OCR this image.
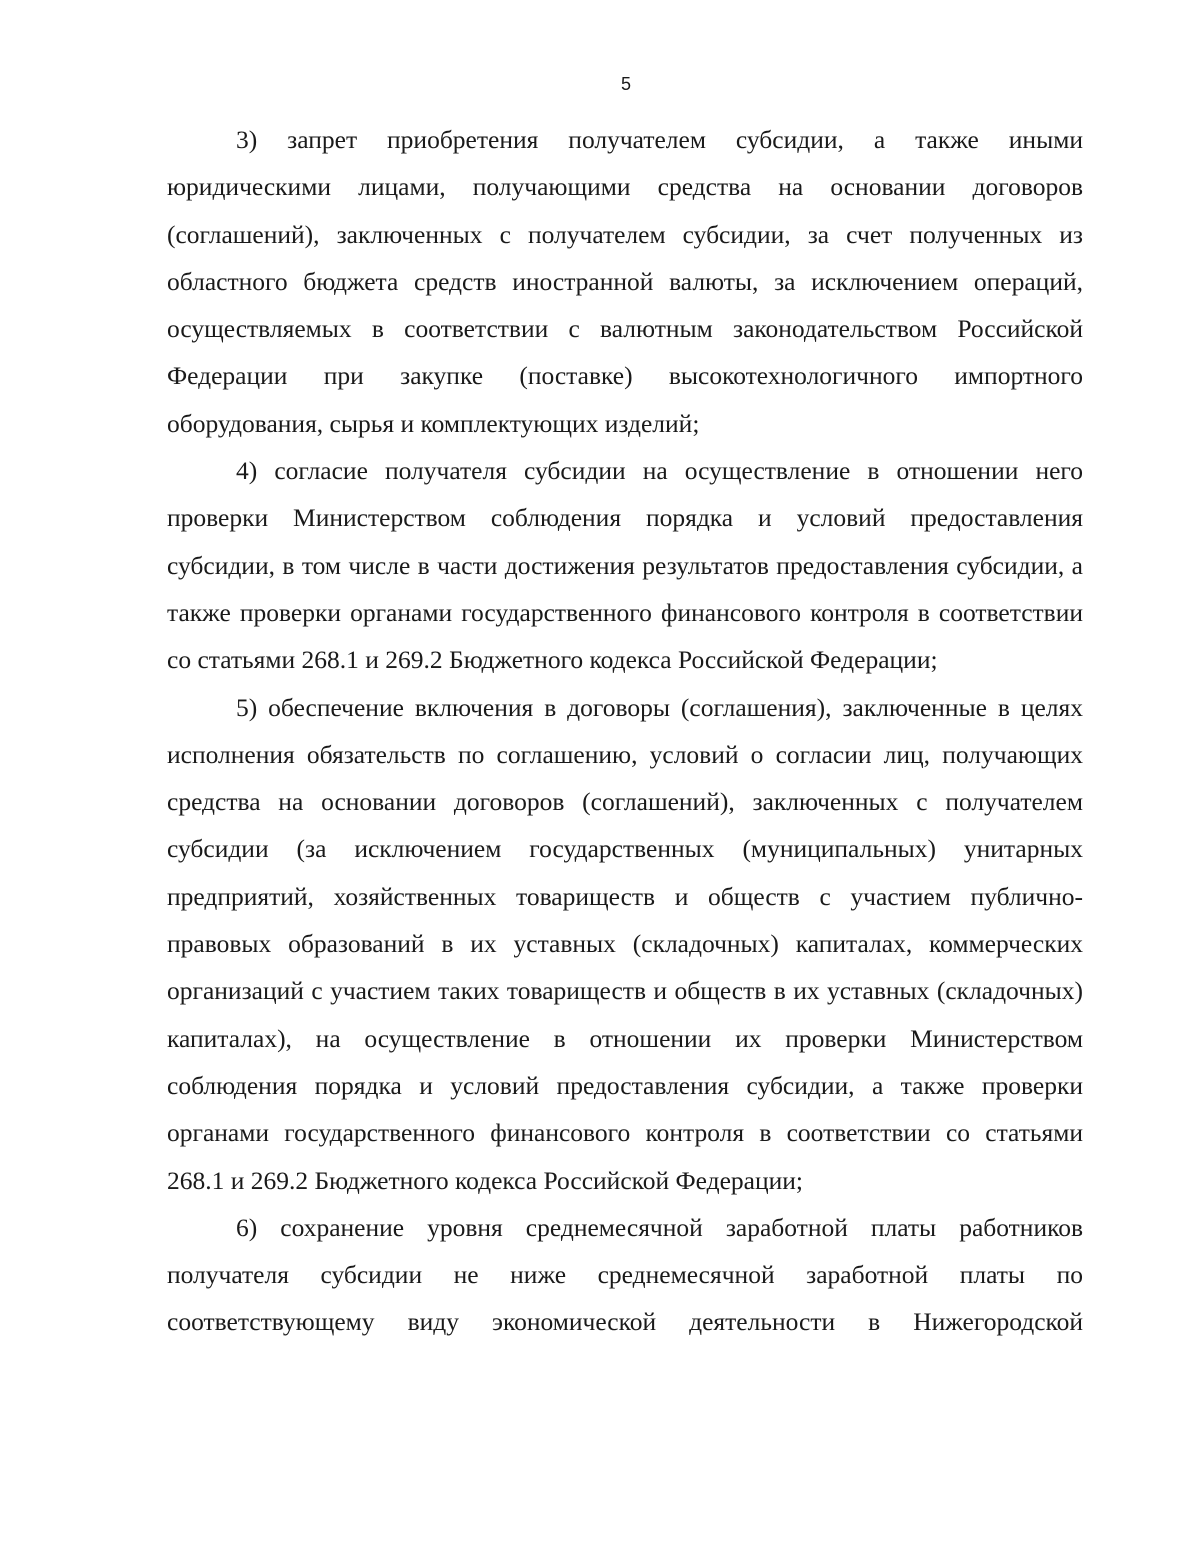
5

3) запрет приобретения получателем субсидии, а также иными юридическими лицами, получающими средства на основании договоров (соглашений), заключенных с получателем субсидии, за счет полученных из областного бюджета средств иностранной валюты, за исключением операций, осуществляемых в соответствии с валютным законодательством Российской Федерации при закупке (поставке) высокотехнологичного импортного оборудования, сырья и комплектующих изделий;

4) согласие получателя субсидии на осуществление в отношении него проверки Министерством соблюдения порядка и условий предоставления субсидии, в том числе в части достижения результатов предоставления субсидии, а также проверки органами государственного финансового контроля в соответствии со статьями 268.1 и 269.2 Бюджетного кодекса Российской Федерации;

5) обеспечение включения в договоры (соглашения), заключенные в целях исполнения обязательств по соглашению, условий о согласии лиц, получающих средства на основании договоров (соглашений), заключенных с получателем субсидии (за исключением государственных (муниципальных) унитарных предприятий, хозяйственных товариществ и обществ с участием публично-правовых образований в их уставных (складочных) капиталах, коммерческих организаций с участием таких товариществ и обществ в их уставных (складочных) капиталах), на осуществление в отношении их проверки Министерством соблюдения порядка и условий предоставления субсидии, а также проверки органами государственного финансового контроля в соответствии со статьями 268.1 и 269.2 Бюджетного кодекса Российской Федерации;

6) сохранение уровня среднемесячной заработной платы работников получателя субсидии не ниже среднемесячной заработной платы по соответствующему виду экономической деятельности в Нижегородской
